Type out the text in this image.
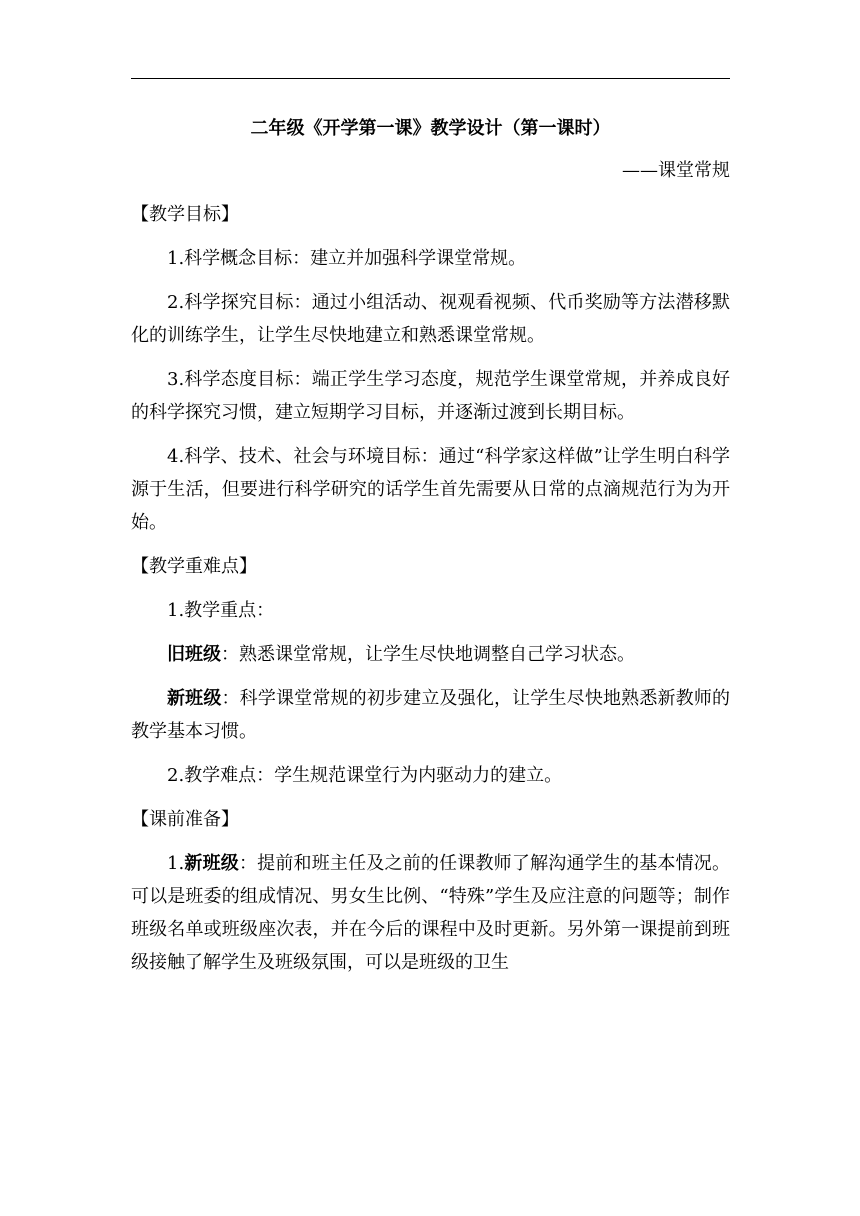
二年级《开学第一课》教学设计（第一课时）
——课堂常规
【教学目标】

1.科学概念目标：建立并加强科学课堂常规。

2.科学探究目标：通过小组活动、视观看视频、代币奖励等方法潜移默化的训练学生，让学生尽快地建立和熟悉课堂常规。

3.科学态度目标：端正学生学习态度，规范学生课堂常规，并养成良好的科学探究习惯，建立短期学习目标，并逐渐过渡到长期目标。

4.科学、技术、社会与环境目标：通过“科学家这样做”让学生明白科学源于生活，但要进行科学研究的话学生首先需要从日常的点滴规范行为为开始。

【教学重难点】

1.教学重点：

旧班级：熟悉课堂常规，让学生尽快地调整自己学习状态。

新班级：科学课堂常规的初步建立及强化，让学生尽快地熟悉新教师的教学基本习惯。

2.教学难点：学生规范课堂行为内驱动力的建立。

【课前准备】

1.新班级：提前和班主任及之前的任课教师了解沟通学生的基本情况。可以是班委的组成情况、男女生比例、“特殊”学生及应注意的问题等；制作班级名单或班级座次表，并在今后的课程中及时更新。另外第一课提前到班级接触了解学生及班级氛围，可以是班级的卫生
